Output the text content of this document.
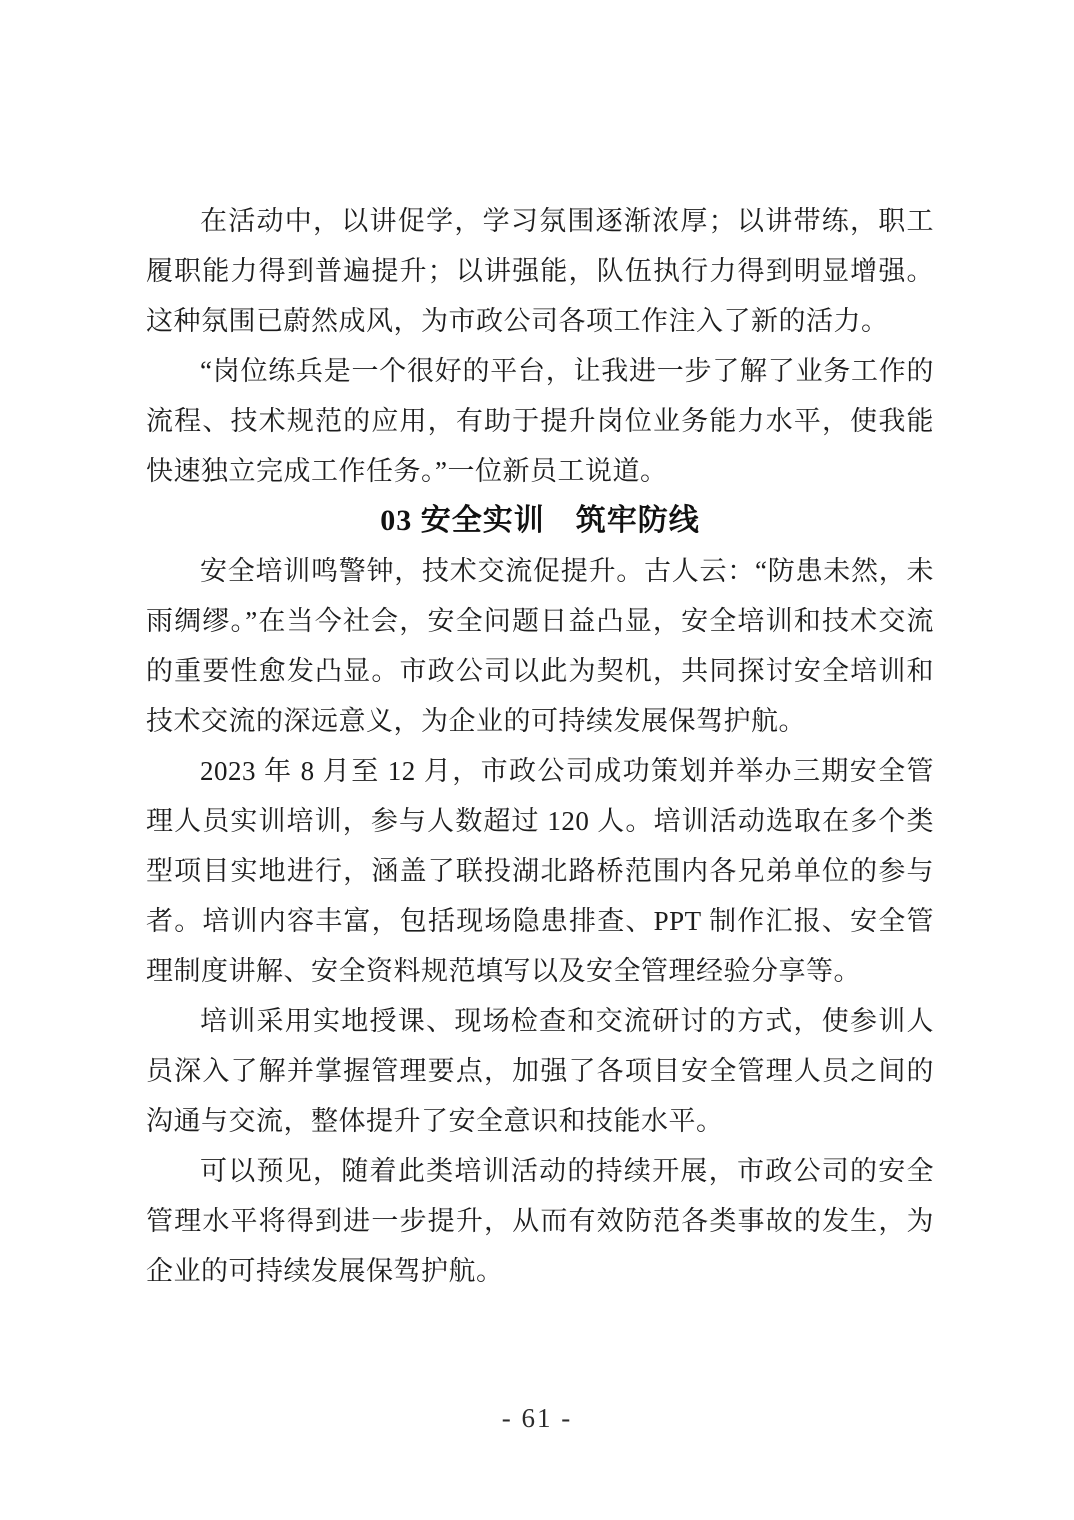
在活动中，以讲促学，学习氛围逐渐浓厚；以讲带练，职工履职能力得到普遍提升；以讲强能，队伍执行力得到明显增强。这种氛围已蔚然成风，为市政公司各项工作注入了新的活力。

“岗位练兵是一个很好的平台，让我进一步了解了业务工作的流程、技术规范的应用，有助于提升岗位业务能力水平，使我能快速独立完成工作任务。”一位新员工说道。

03 安全实训　筑牢防线

安全培训鸣警钟，技术交流促提升。古人云：“防患未然，未雨绸缪。”在当今社会，安全问题日益凸显，安全培训和技术交流的重要性愈发凸显。市政公司以此为契机，共同探讨安全培训和技术交流的深远意义，为企业的可持续发展保驾护航。

2023 年 8 月至 12 月，市政公司成功策划并举办三期安全管理人员实训培训，参与人数超过 120 人。培训活动选取在多个类型项目实地进行，涵盖了联投湖北路桥范围内各兄弟单位的参与者。培训内容丰富，包括现场隐患排查、PPT 制作汇报、安全管理制度讲解、安全资料规范填写以及安全管理经验分享等。

培训采用实地授课、现场检查和交流研讨的方式，使参训人员深入了解并掌握管理要点，加强了各项目安全管理人员之间的沟通与交流，整体提升了安全意识和技能水平。

可以预见，随着此类培训活动的持续开展，市政公司的安全管理水平将得到进一步提升，从而有效防范各类事故的发生，为企业的可持续发展保驾护航。

- 61 -
